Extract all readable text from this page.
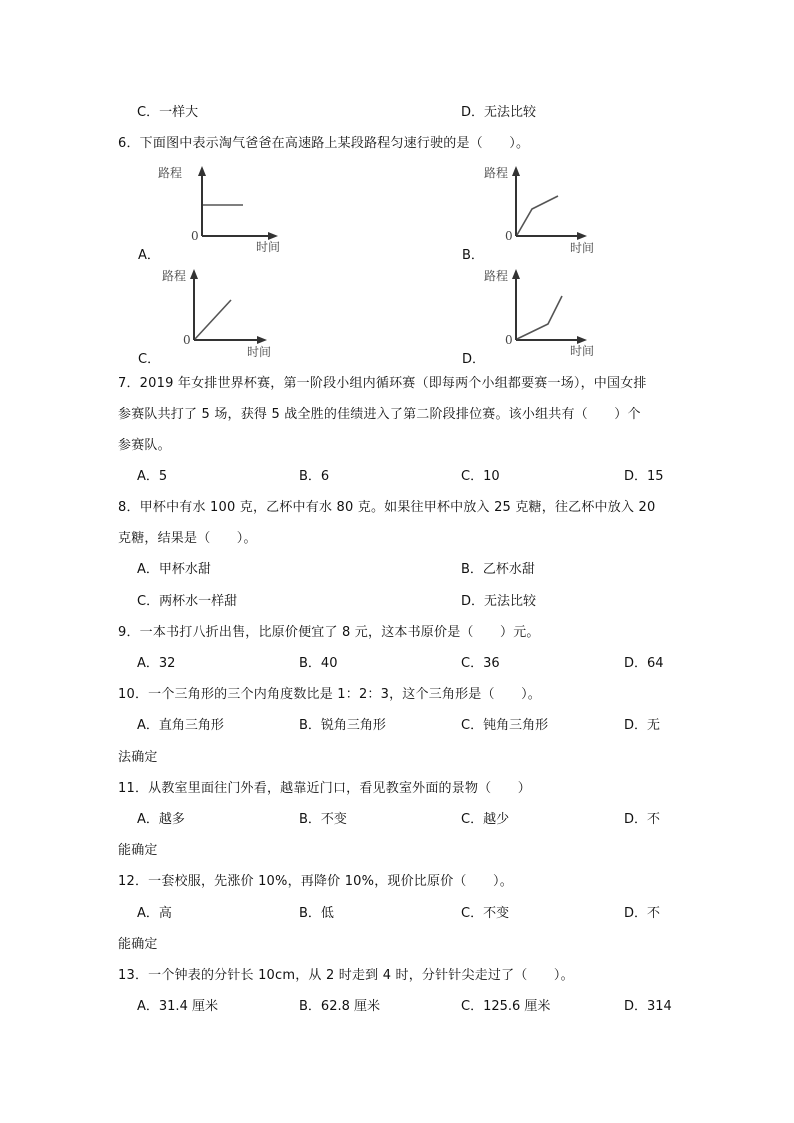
C．一样大	D．无法比较
6．下面图中表示淘气爸爸在高速路上某段路程匀速行驶的是（　　）。
路程
0
时间
A．
路程
0
时间
B．
路程
0
时间
C．
路程
0
时间
D．
7．2019 年女排世界杯赛，第一阶段小组内循环赛（即每两个小组都要赛一场），中国女排
参赛队共打了 5 场，获得 5 战全胜的佳绩进入了第二阶段排位赛。该小组共有（　　）个
参赛队。
A．5	B．6	C．10	D．15
8．甲杯中有水 100 克，乙杯中有水 80 克。如果往甲杯中放入 25 克糖，往乙杯中放入 20
克糖，结果是（　　）。
A．甲杯水甜	B．乙杯水甜
C．两杯水一样甜	D．无法比较
9．一本书打八折出售，比原价便宜了 8 元，这本书原价是（　　）元。
A．32	B．40	C．36	D．64
10．一个三角形的三个内角度数比是 1：2：3，这个三角形是（　　）。
A．直角三角形	B．锐角三角形	C．钝角三角形	D．无
法确定
11．从教室里面往门外看，越靠近门口，看见教室外面的景物（　　）
A．越多	B．不变	C．越少	D．不
能确定
12．一套校服，先涨价 10%，再降价 10%，现价比原价（　　）。
A．高	B．低	C．不变	D．不
能确定
13．一个钟表的分针长 10cm，从 2 时走到 4 时，分针针尖走过了（　　）。
A．31.4 厘米	B．62.8 厘米	C．125.6 厘米	D．314
